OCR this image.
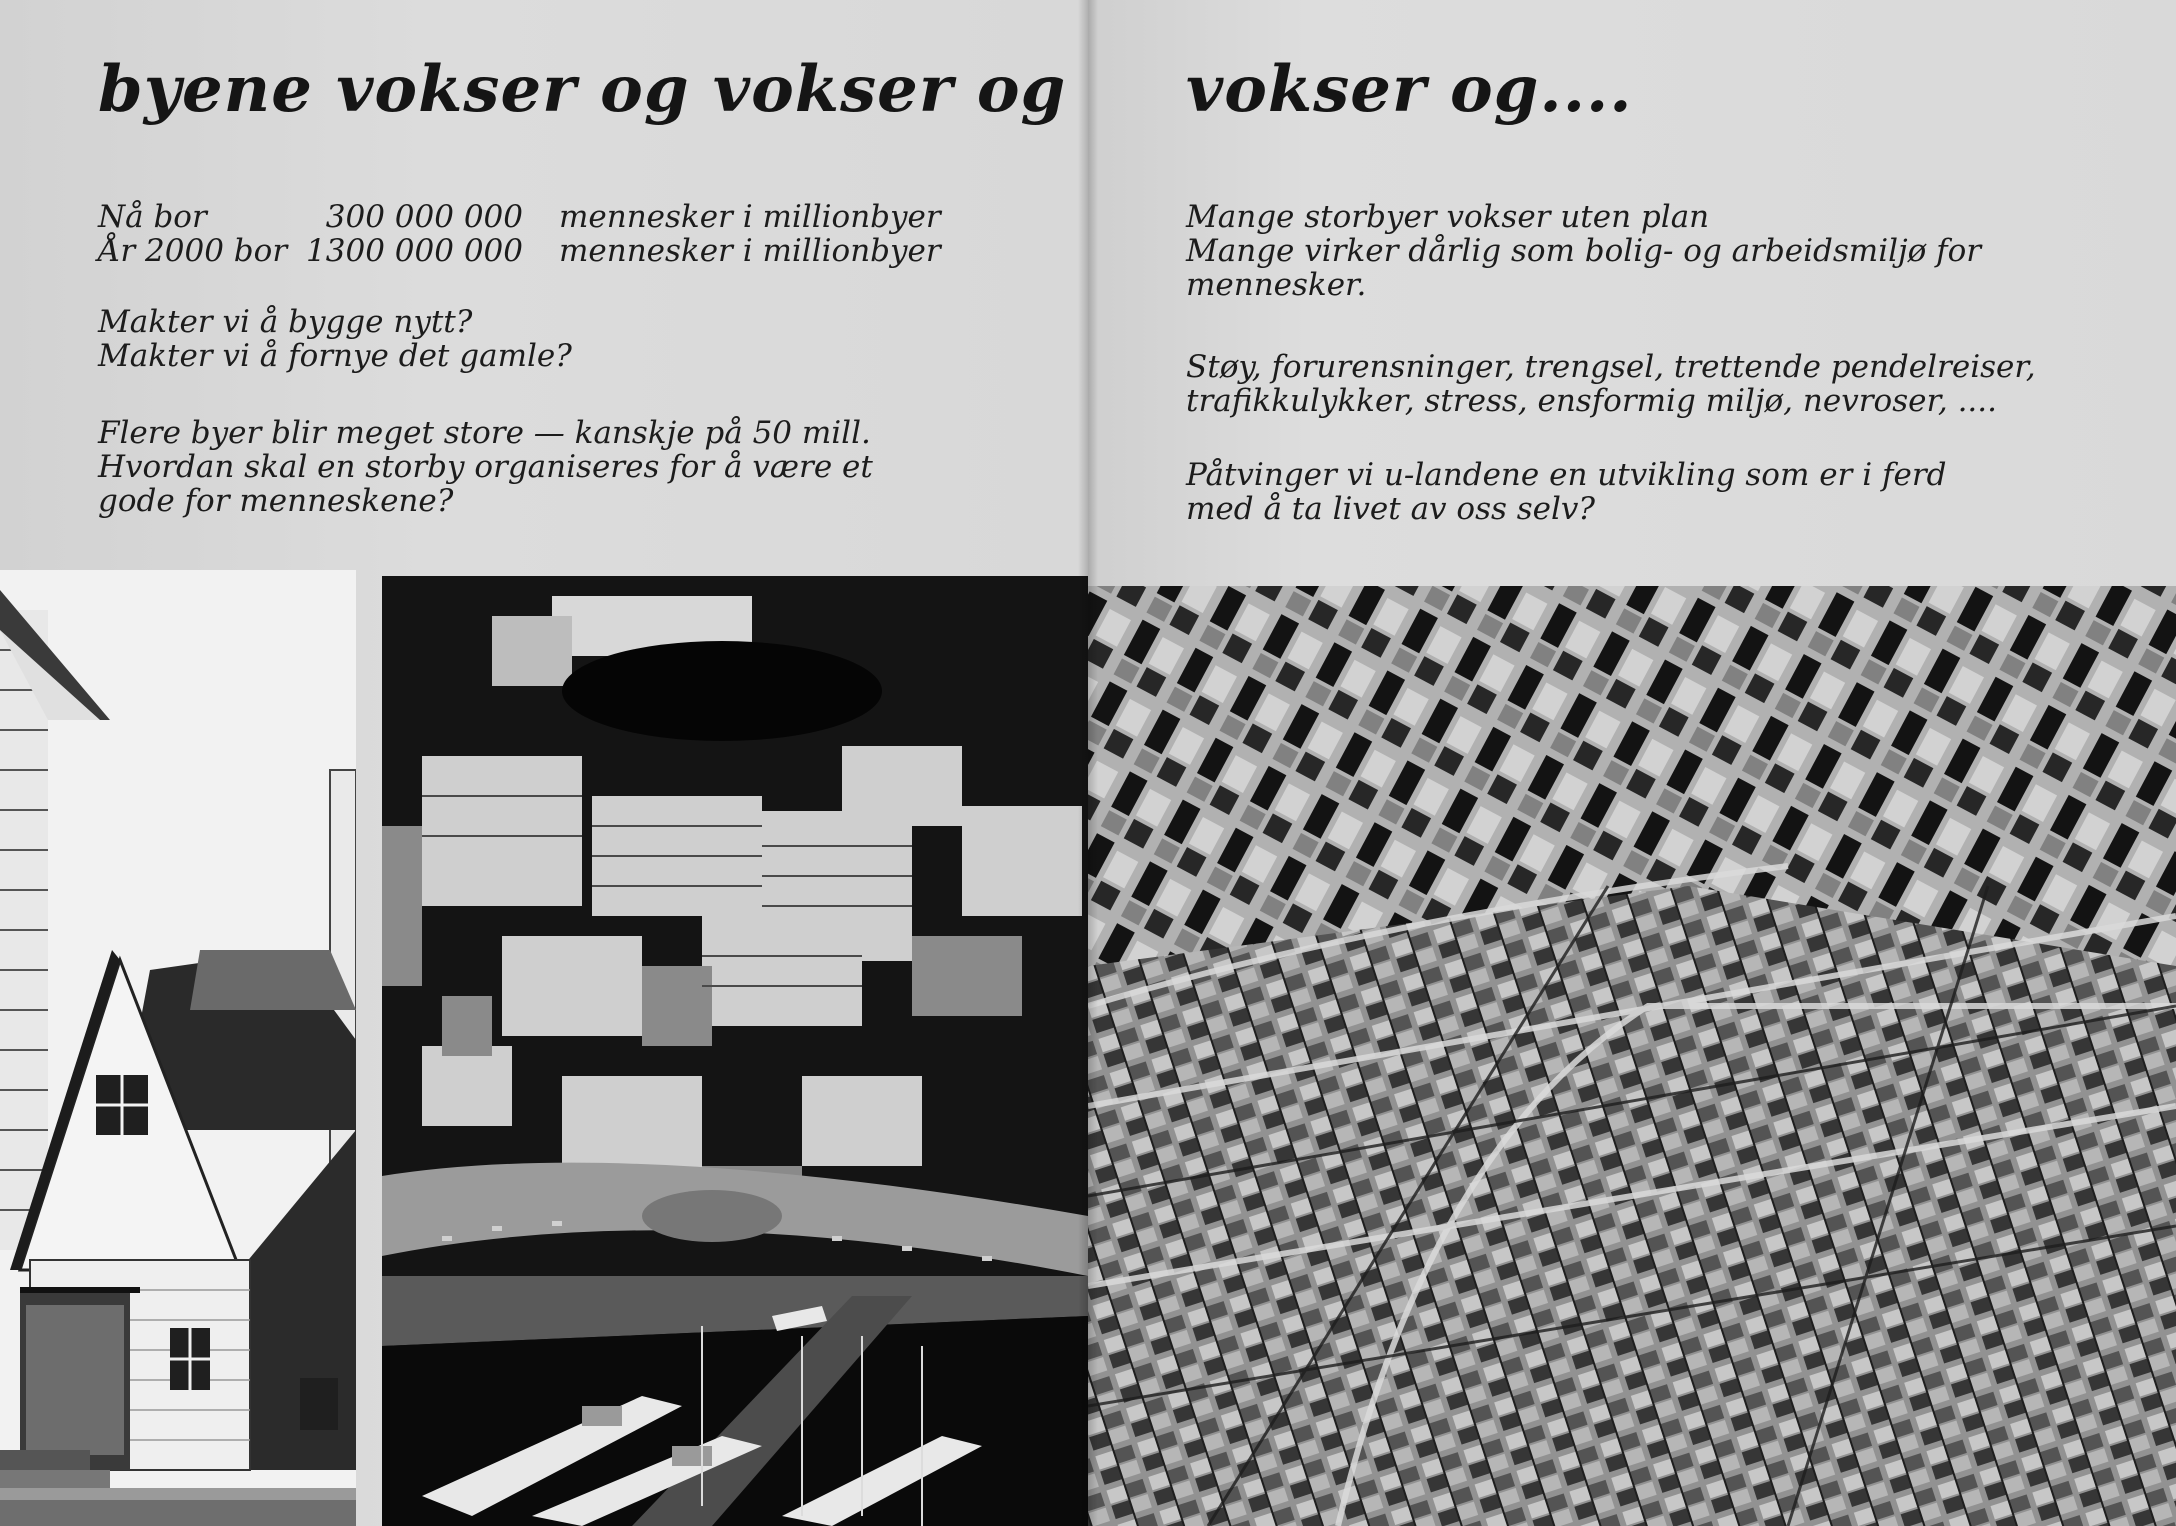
byene vokser og vokser og
Nå bor	300 000 000 mennesker i millionbyer
År 2000 bor 1300 000 000 mennesker i millionbyer
Makter vi å bygge nytt?
Makter vi å fornye det gamle?
Flere byer blir meget store — kanskje på 50 mill.
Hvordan skal en storby organiseres for å være et
gode for menneskene?
vokser og....
Mange storbyer vokser uten plan
Mange virker dårlig som bolig- og arbeidsmiljø for
mennesker.
Støy, forurensninger, trengsel, trettende pendelreiser,
trafikkulykker, stress, ensformig miljø, nevroser, ....
Påtvinger vi u-landene en utvikling som er i ferd
med å ta livet av oss selv?
